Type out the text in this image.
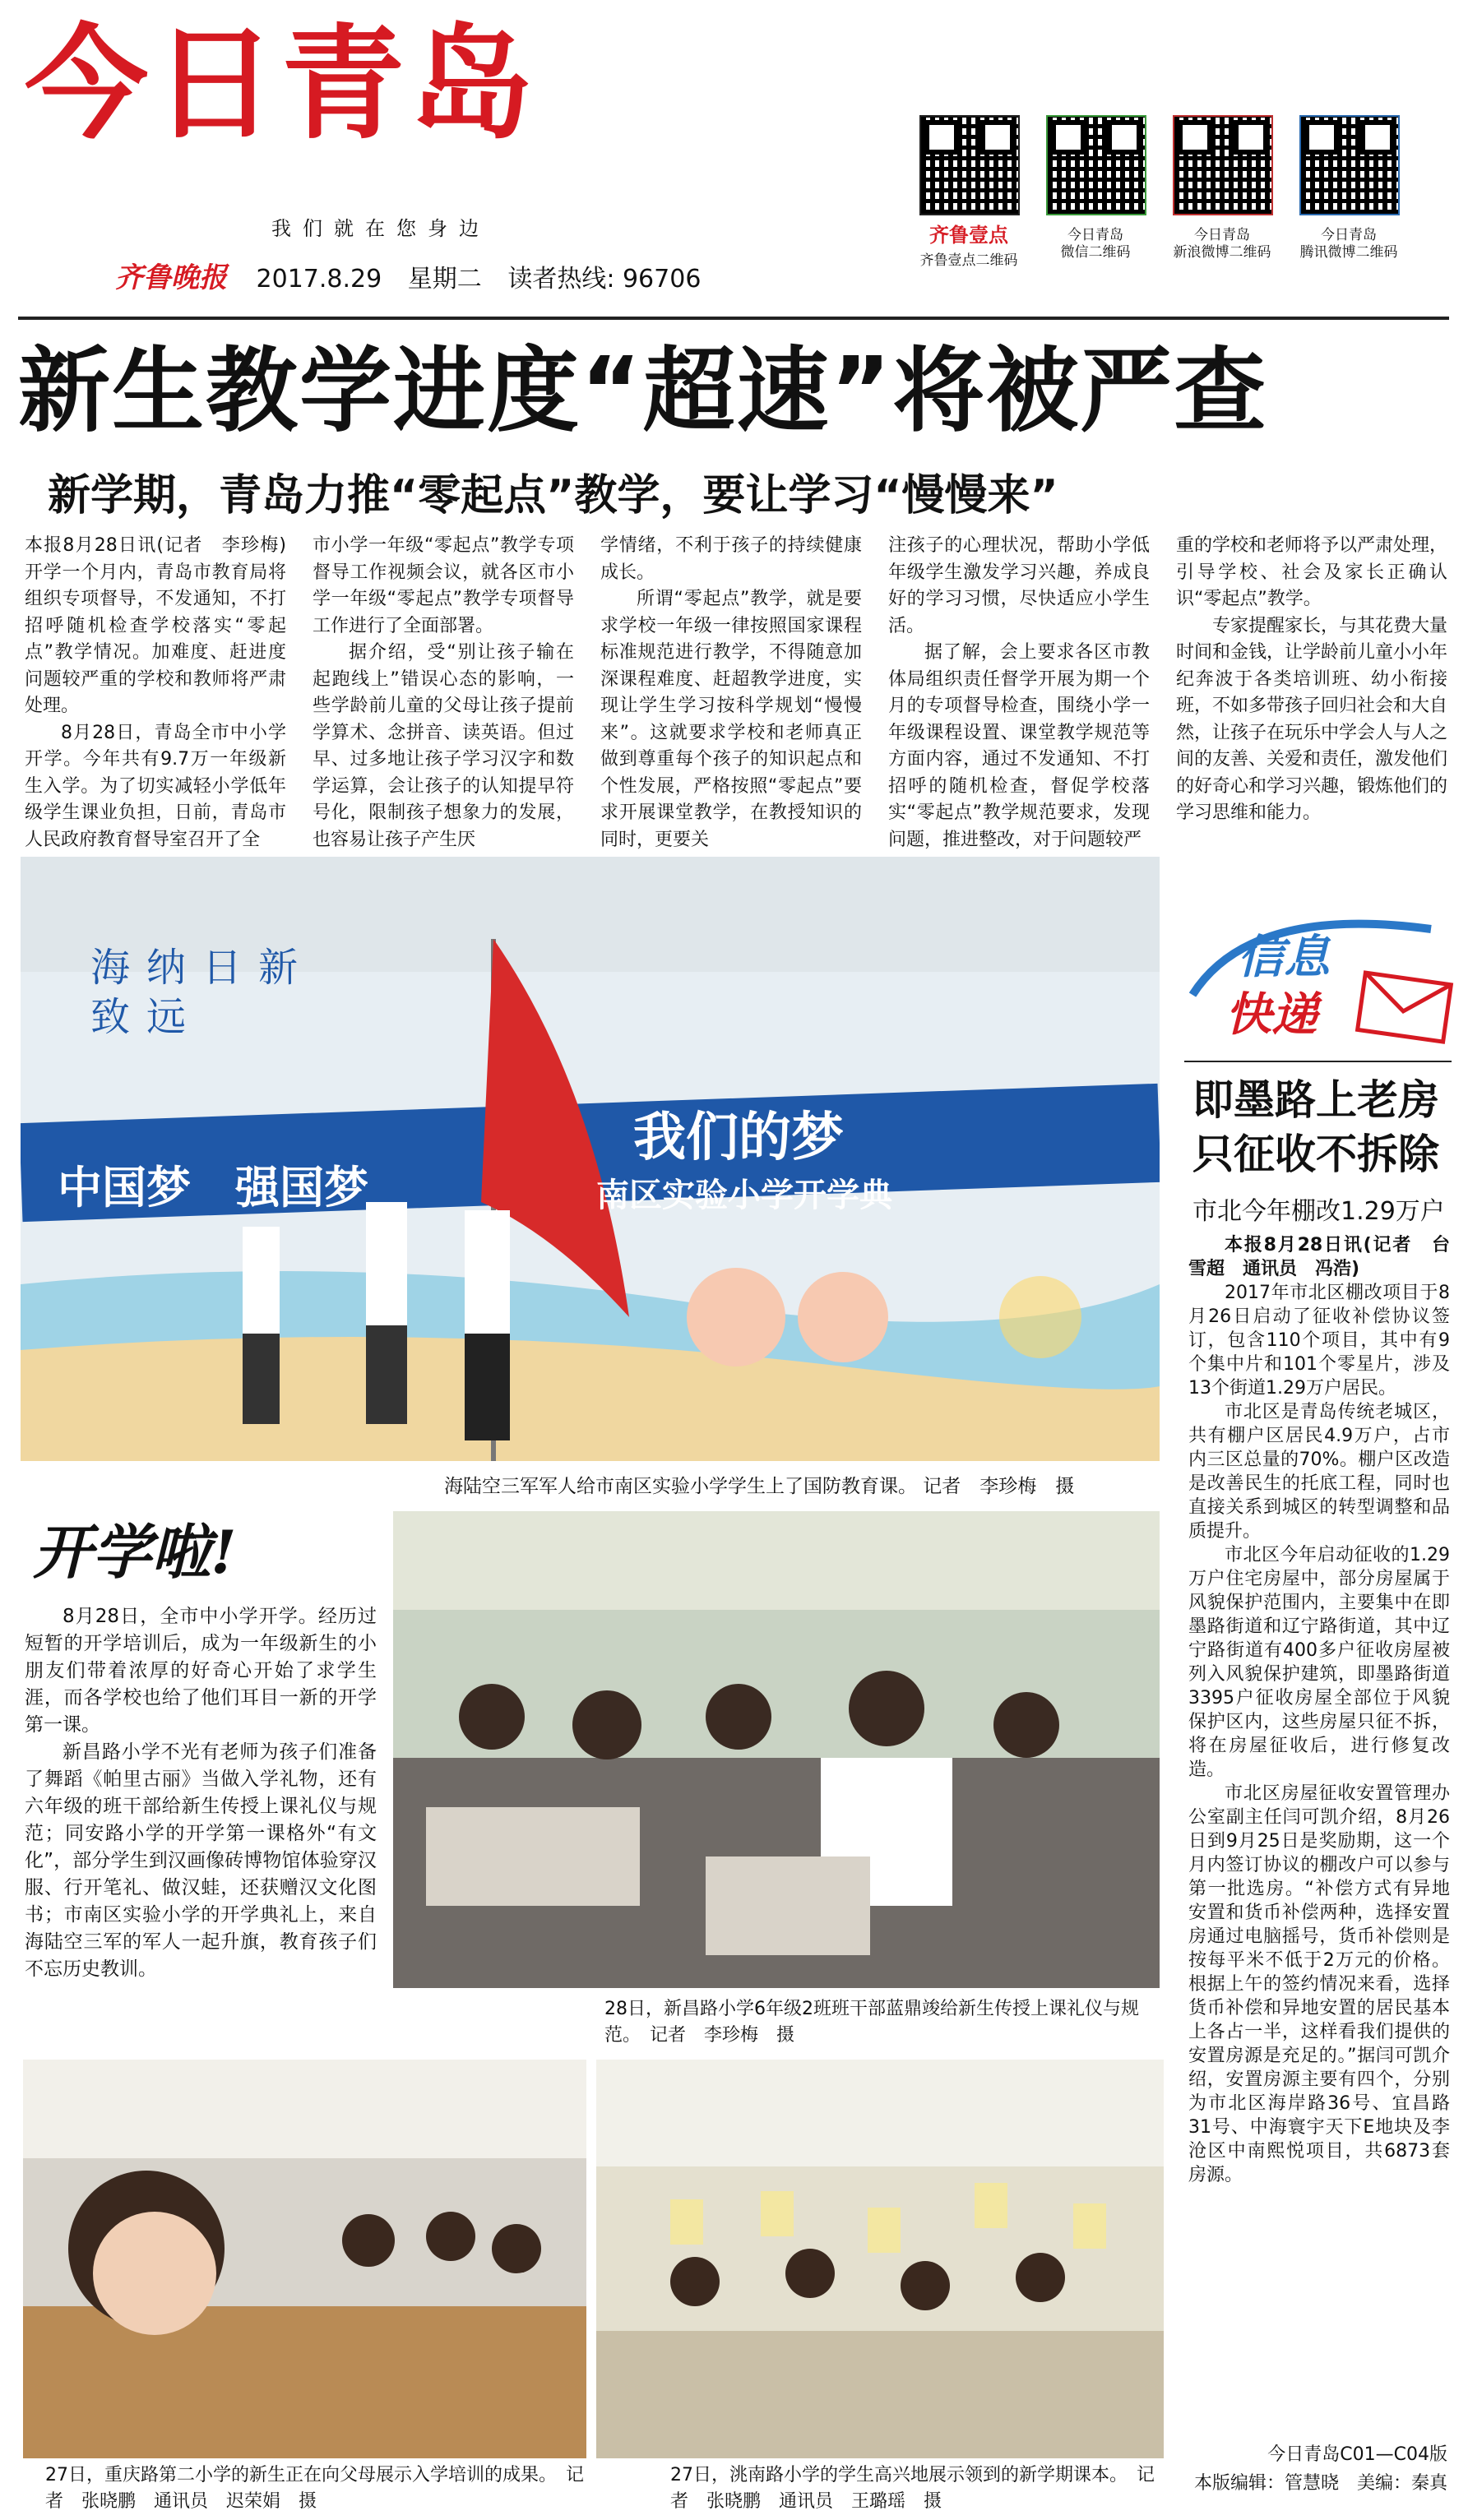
今日青岛
我们就在您身边
齐鲁晚报 2017.8.29 星期二 读者热线: 96706
齐鲁壹点
齐鲁壹点二维码
今日青岛
微信二维码
今日青岛
新浪微博二维码
今日青岛
腾讯微博二维码
新生教学进度“超速”将被严查
新学期，青岛力推“零起点”教学，要让学习“慢慢来”

本报8月28日讯(记者　李珍梅)　开学一个月内，青岛市教育局将组织专项督导，不发通知，不打招呼随机检查学校落实“零起点”教学情况。加难度、赶进度问题较严重的学校和教师将严肃处理。

8月28日，青岛全市中小学开学。今年共有9.7万一年级新生入学。为了切实减轻小学低年级学生课业负担，日前，青岛市人民政府教育督导室召开了全

市小学一年级“零起点”教学专项督导工作视频会议，就各区市小学一年级“零起点”教学专项督导工作进行了全面部署。

据介绍，受“别让孩子输在起跑线上”错误心态的影响，一些学龄前儿童的父母让孩子提前学算术、念拼音、读英语。但过早、过多地让孩子学习汉字和数学运算，会让孩子的认知提早符号化，限制孩子想象力的发展，也容易让孩子产生厌

学情绪，不利于孩子的持续健康成长。

所谓“零起点”教学，就是要求学校一年级一律按照国家课程标准规范进行教学，不得随意加深课程难度、赶超教学进度，实现让学生学习按科学规划“慢慢来”。这就要求学校和老师真正做到尊重每个孩子的知识起点和个性发展，严格按照“零起点”要求开展课堂教学，在教授知识的同时，更要关

注孩子的心理状况，帮助小学低年级学生激发学习兴趣，养成良好的学习习惯，尽快适应小学生活。

据了解，会上要求各区市教体局组织责任督学开展为期一个月的专项督导检查，围绕小学一年级课程设置、课堂教学规范等方面内容，通过不发通知、不打招呼的随机检查，督促学校落实“零起点”教学规范要求，发现问题，推进整改，对于问题较严

重的学校和老师将予以严肃处理，引导学校、社会及家长正确认识“零起点”教学。

专家提醒家长，与其花费大量时间和金钱，让学龄前儿童小小年纪奔波于各类培训班、幼小衔接班，不如多带孩子回归社会和大自然，让孩子在玩乐中学会人与人之间的友善、关爱和责任，激发他们的好奇心和学习兴趣，锻炼他们的学习思维和能力。

海纳日新致远
中国梦　强国梦
我们的梦
南区实验小学开学典
海陆空三军军人给市南区实验小学学生上了国防教育课。 记者　李珍梅　摄
开学啦!

8月28日，全市中小学开学。经历过短暂的开学培训后，成为一年级新生的小朋友们带着浓厚的好奇心开始了求学生涯，而各学校也给了他们耳目一新的开学第一课。

新昌路小学不光有老师为孩子们准备了舞蹈《帕里古丽》当做入学礼物，还有六年级的班干部给新生传授上课礼仪与规范；同安路小学的开学第一课格外“有文化”，部分学生到汉画像砖博物馆体验穿汉服、行开笔礼、做汉蛙，还获赠汉文化图书；市南区实验小学的开学典礼上，来自海陆空三军的军人一起升旗，教育孩子们不忘历史教训。

28日，新昌路小学6年级2班班干部蓝鼎竣给新生传授上课礼仪与规范。　记者　李珍梅　摄
27日，重庆路第二小学的新生正在向父母展示入学培训的成果。　记者　张晓鹏　通讯员　迟荣娟　摄
27日，洮南路小学的学生高兴地展示领到的新学期课本。　记者　张晓鹏　通讯员　王璐瑶　摄
信息
快递
即墨路上老房
只征收不拆除
市北今年棚改1.29万户

本报8月28日讯(记者　台雪超　通讯员　冯浩)

2017年市北区棚改项目于8月26日启动了征收补偿协议签订，包含110个项目，其中有9个集中片和101个零星片，涉及13个街道1.29万户居民。

市北区是青岛传统老城区，共有棚户区居民4.9万户，占市内三区总量的70%。棚户区改造是改善民生的托底工程，同时也直接关系到城区的转型调整和品质提升。

市北区今年启动征收的1.29万户住宅房屋中，部分房屋属于风貌保护范围内，主要集中在即墨路街道和辽宁路街道，其中辽宁路街道有400多户征收房屋被列入风貌保护建筑，即墨路街道3395户征收房屋全部位于风貌保护区内，这些房屋只征不拆，将在房屋征收后，进行修复改造。

市北区房屋征收安置管理办公室副主任闫可凯介绍，8月26日到9月25日是奖励期，这一个月内签订协议的棚改户可以参与第一批选房。“补偿方式有异地安置和货币补偿两种，选择安置房通过电脑摇号，货币补偿则是按每平米不低于2万元的价格。根据上午的签约情况来看，选择货币补偿和异地安置的居民基本上各占一半，这样看我们提供的安置房源是充足的。”据闫可凯介绍，安置房源主要有四个，分别为市北区海岸路36号、宜昌路31号、中海寰宇天下E地块及李沧区中南熙悦项目，共6873套房源。

今日青岛C01—C04版
本版编辑：管慧晓　美编：秦真
